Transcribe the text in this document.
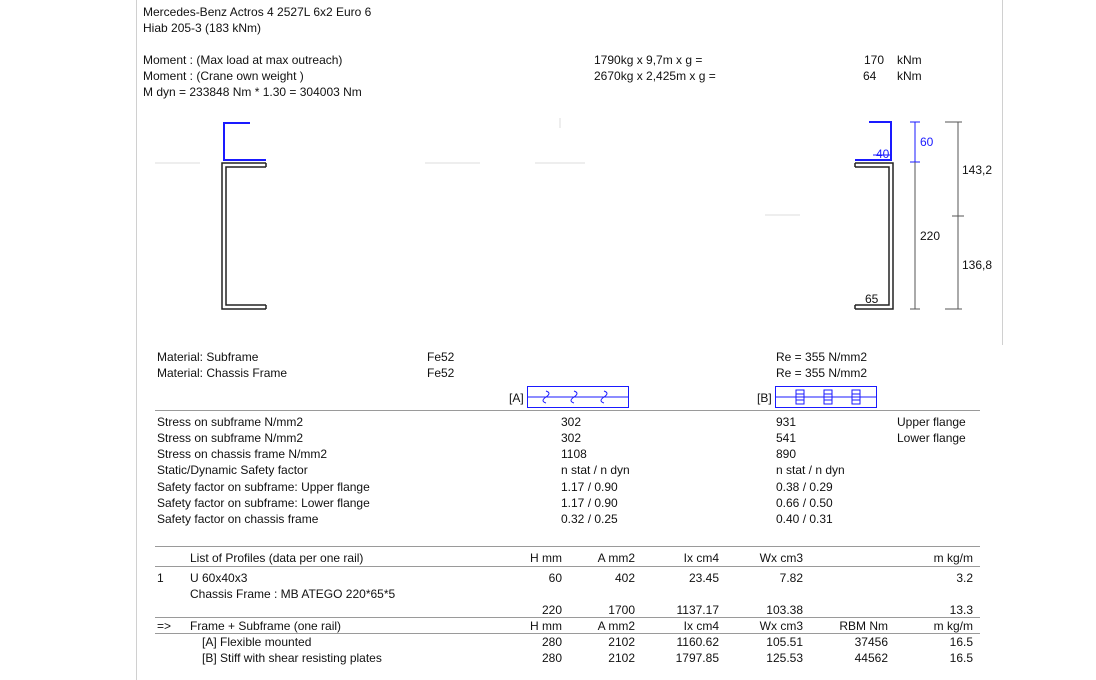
Mercedes-Benz Actros 4 2527L 6x2 Euro 6
Hiab 205-3 (183 kNm)
Moment : (Max load at max outreach)	1790kg x 9,7m x g =	170 kNm
Moment : (Crane own weight )	2670kg x 2,425m x g =	64 kNm
M dyn = 233848 Nm * 1.30 = 304003 Nm
60
40
143,2
220
136,8
65
Material: Subframe	Fe52	Re = 355 N/mm2
Material: Chassis Frame	Fe52	Re = 355 N/mm2
[A]	[B]
Stress on subframe N/mm2	302	931	Upper flange
Stress on subframe N/mm2	302	541	Lower flange
Stress on chassis frame N/mm2	1108	890
Static/Dynamic Safety factor	n stat / n dyn	n stat / n dyn
Safety factor on subframe: Upper flange	1.17 / 0.90	0.38 / 0.29
Safety factor on subframe: Lower flange	1.17 / 0.90	0.66 / 0.50
Safety factor on chassis frame	0.32 / 0.25	0.40 / 0.31
List of Profiles (data per one rail)	H mm	A mm2	Ix cm4	Wx cm3	m kg/m
1 U 60x40x3	60	402	23.45	7.82	3.2
Chassis Frame : MB ATEGO 220*65*5
220	1700	1137.17	103.38	13.3
=> Frame + Subframe (one rail)	H mm	A mm2	Ix cm4	Wx cm3	RBM Nm	m kg/m
[A] Flexible mounted	280	2102	1160.62	105.51	37456	16.5
[B] Stiff with shear resisting plates	280	2102	1797.85	125.53	44562	16.5
